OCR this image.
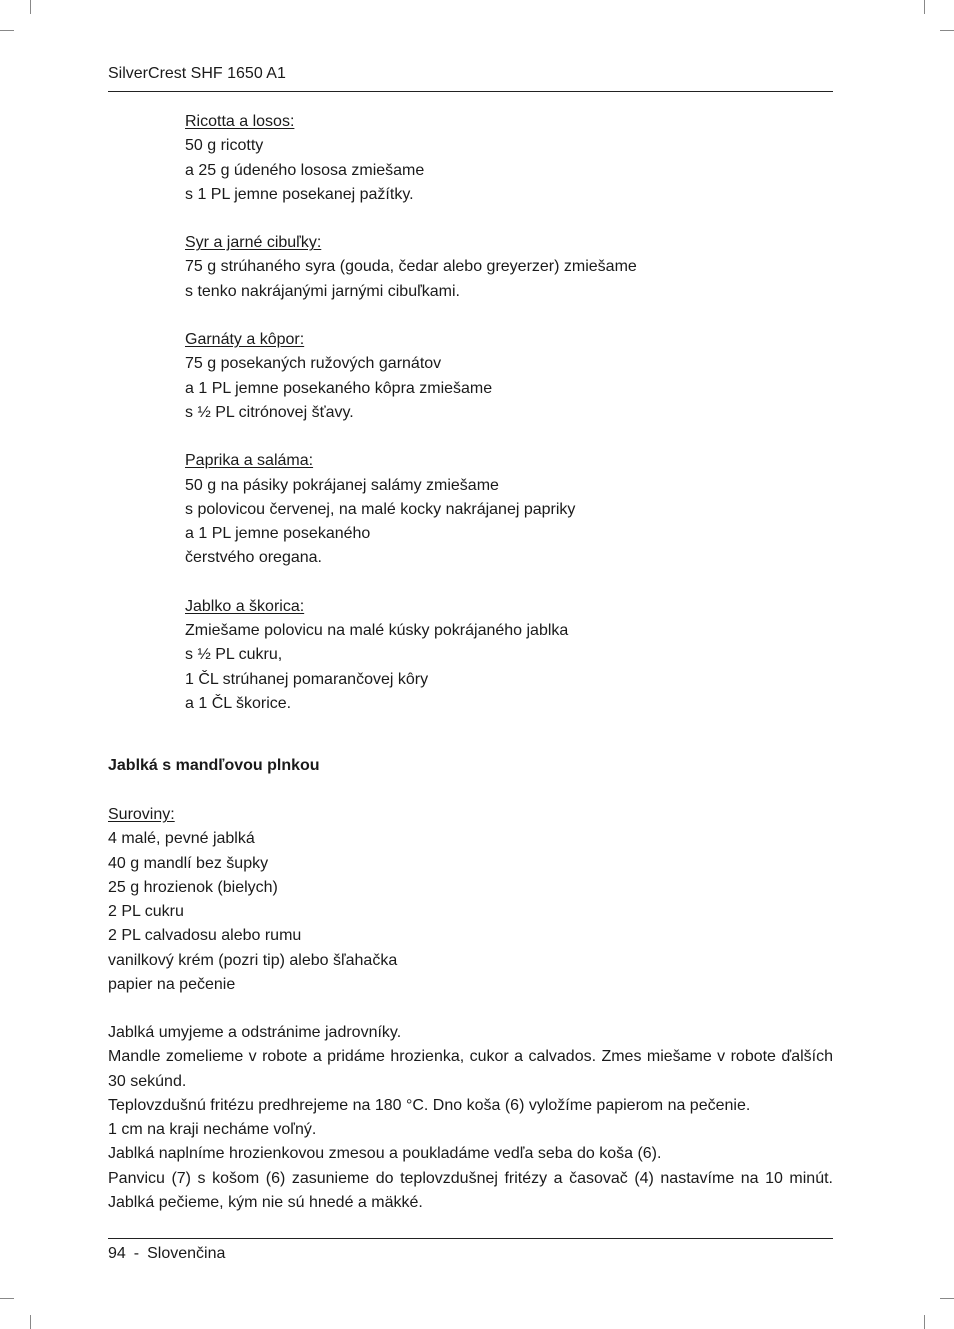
SilverCrest SHF 1650 A1
Ricotta a losos:
50 g ricotty
a 25 g údeného lososa zmiešame
s 1 PL jemne posekanej pažítky.
Syr a jarné cibuľky:
75 g strúhaného syra (gouda, čedar alebo greyerzer) zmiešame
s tenko nakrájanými jarnými cibuľkami.
Garnáty a kôpor:
75 g posekaných ružových garnátov
a 1 PL jemne posekaného kôpra zmiešame
s ½ PL citrónovej šťavy.
Paprika a saláma:
50 g na pásiky pokrájanej salámy zmiešame
s polovicou červenej, na malé kocky nakrájanej papriky
a 1 PL jemne posekaného
čerstvého oregana.
Jablko a škorica:
Zmiešame polovicu na malé kúsky pokrájaného jablka
s ½ PL cukru,
1 ČL strúhanej pomarančovej kôry
a 1 ČL škorice.
Jablká s mandľovou plnkou
Suroviny:
4 malé, pevné jablká
40 g mandlí bez šupky
25 g hrozienok (bielych)
2 PL cukru
2 PL calvadosu alebo rumu
vanilkový krém (pozri tip) alebo šľahačka
papier na pečenie
Jablká umyjeme a odstránime jadrovníky.
Mandle zomelieme v robote a pridáme hrozienka, cukor a calvados. Zmes miešame v robote ďalších 30 sekúnd.
Teplovzdušnú fritézu predhrejeme na 180 °C. Dno koša (6) vyložíme papierom na pečenie.
1 cm na kraji necháme voľný.
Jablká naplníme hrozienkovou zmesou a poukladáme vedľa seba do koša (6).
Panvicu (7) s košom (6) zasunieme do teplovzdušnej fritézy a časovač (4) nastavíme na 10 minút. Jablká pečieme, kým nie sú hnedé a mäkké.
94 - Slovenčina
